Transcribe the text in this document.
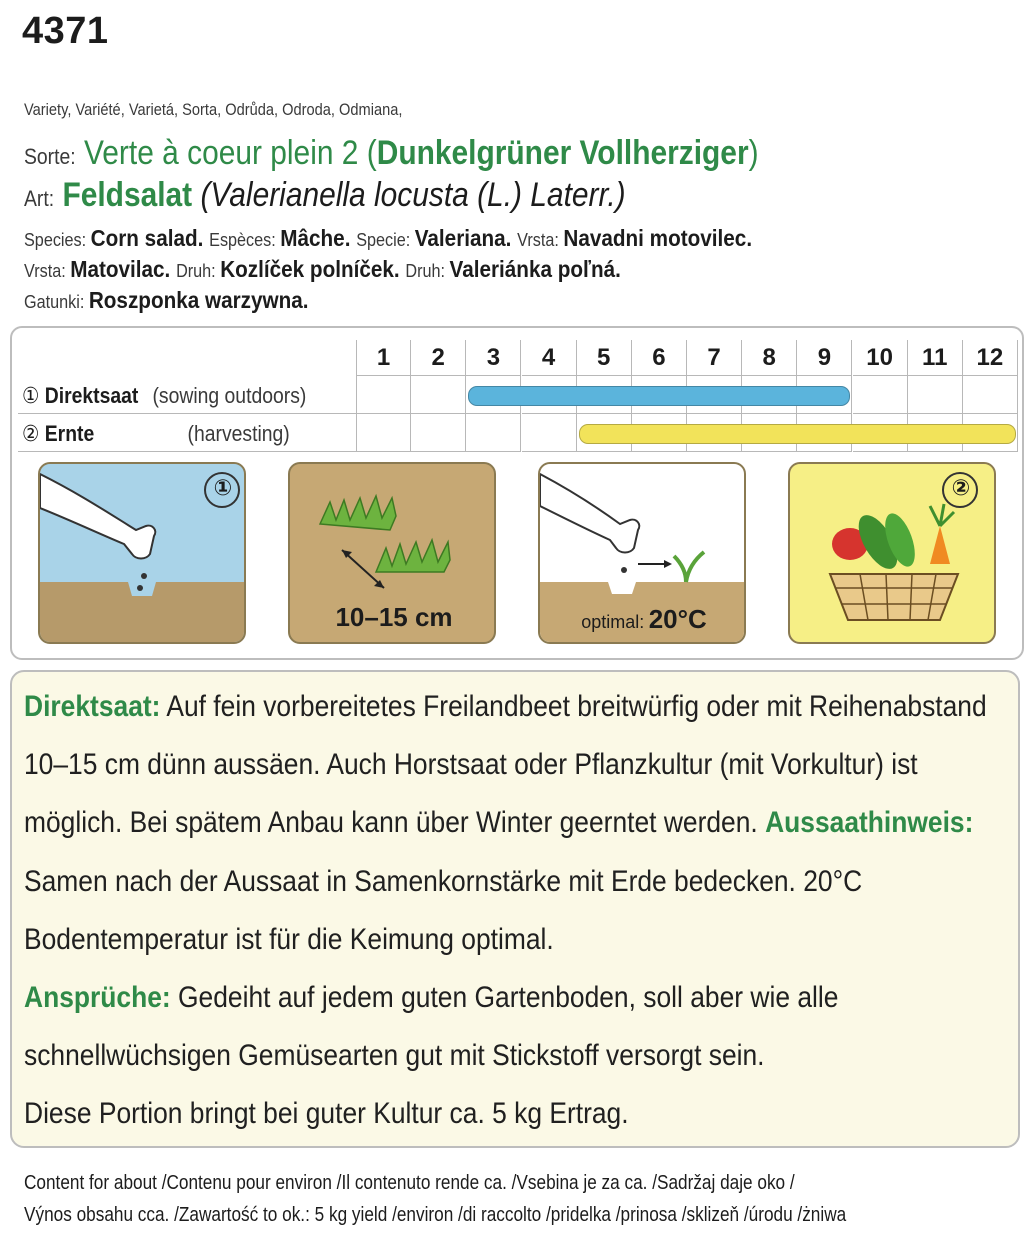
4371
Variety, Variété, Varietá, Sorta, Odrůda, Odroda, Odmiana,
Sorte: Verte à coeur plein 2 (Dunkelgrüner Vollherziger)
Art: Feldsalat (Valerianella locusta (L.) Laterr.)
Species: Corn salad. Espèces: Mâche. Specie: Valeriana. Vrsta: Navadni motovilec.
Vrsta: Matovilac. Druh: Kozlíček polníček. Druh: Valeriánka poľná.
Gatunki: Roszponka warzywna.
1	2	3	4	5	6	7	8	9	10	11	12
① Direktsaat (sowing outdoors)
② Ernte	(harvesting)
①
10–15 cm	optimal: 20°C
②
Direktsaat: Auf fein vorbereitetes Freilandbeet breitwürfig oder mit Reihenabstand 10–15 cm dünn aussäen. Auch Horstsaat oder Pflanzkultur (mit Vorkultur) ist möglich. Bei spätem Anbau kann über Winter geerntet werden. Aussaathinweis: Samen nach der Aussaat in Samenkornstärke mit Erde bedecken. 20°C Bodentemperatur ist für die Keimung optimal.
Ansprüche: Gedeiht auf jedem guten Gartenboden, soll aber wie alle schnellwüchsigen Gemüsearten gut mit Stickstoff versorgt sein.
Diese Portion bringt bei guter Kultur ca. 5 kg Ertrag.
Content for about /Contenu pour environ /Il contenuto rende ca. /Vsebina je za ca. /Sadržaj daje oko /
Výnos obsahu cca. /Zawartość to ok.: 5 kg yield /environ /di raccolto /pridelka /prinosa /sklizeň /úrodu /żniwa
